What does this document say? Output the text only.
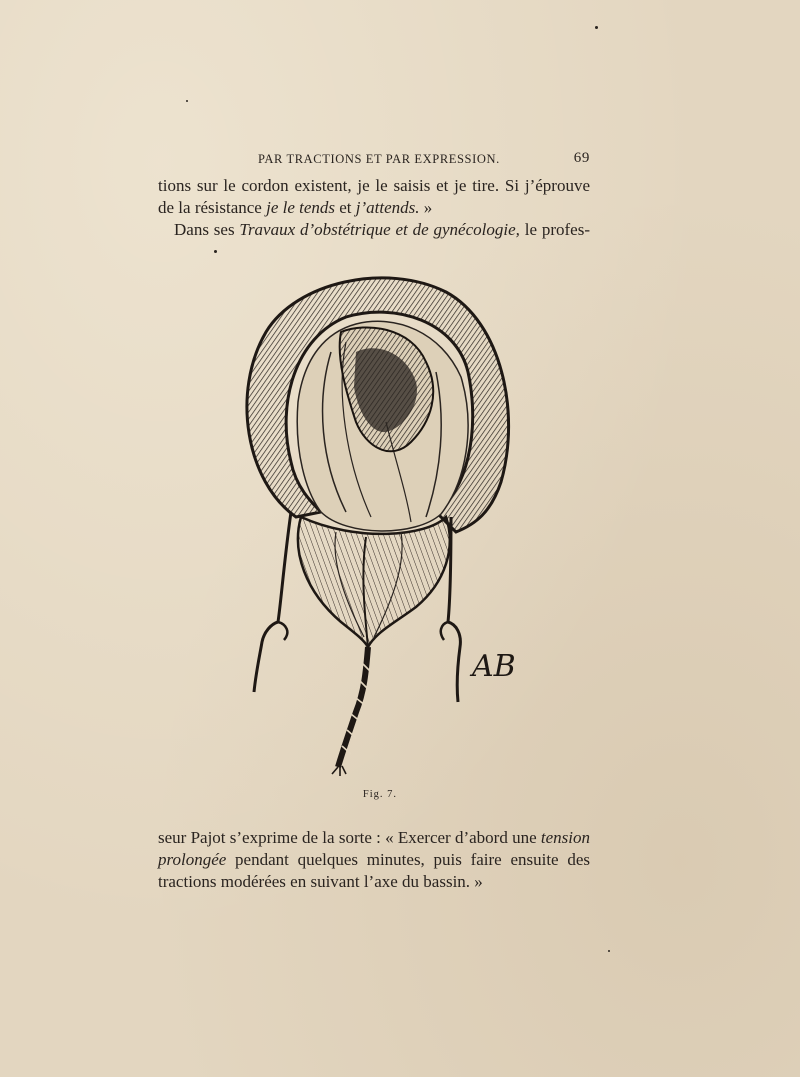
PAR TRACTIONS ET PAR EXPRESSION.	69

tions sur le cordon existent, je le saisis et je tire. Si j’éprouve

de la résistance je le tends et j’attends. »

Dans ses Travaux d’obstétrique et de gynécologie, le profes-

AB
Fig. 7.

seur Pajot s’exprime de la sorte : « Exercer d’abord une tension

prolongée pendant quelques minutes, puis faire ensuite des

tractions modérées en suivant l’axe du bassin. »
